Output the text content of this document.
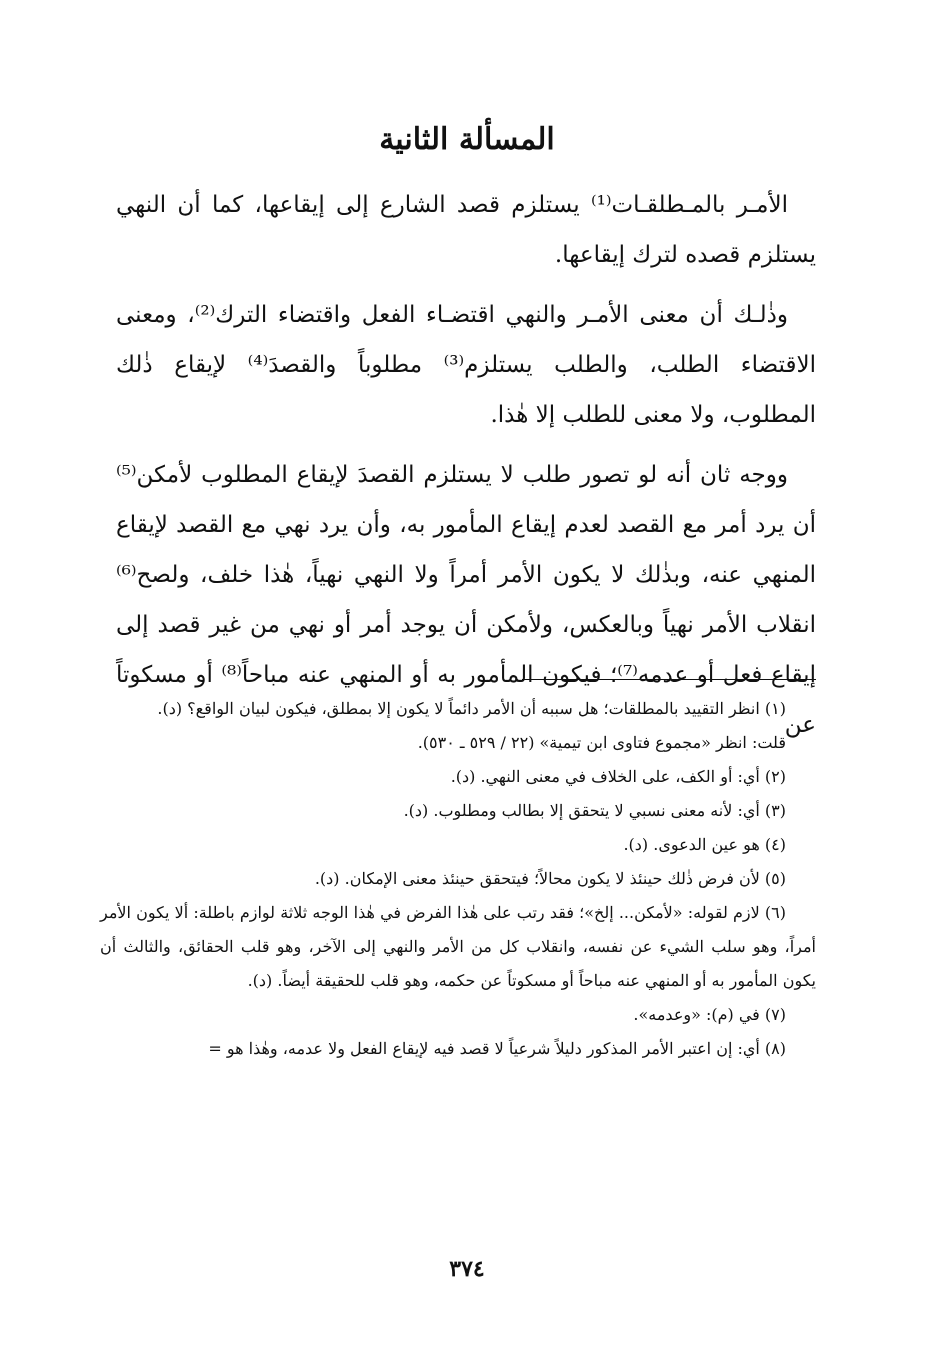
المسألة الثانية

الأمـر بالمـطلقـات⁽¹⁾ يستلزم قصد الشارع إلى إيقاعها، كما أن النهي يستلزم قصده لترك إيقاعها.

وذٰلـك أن معنى الأمـر والنهي اقتضـاء الفعل واقتضاء الترك⁽²⁾، ومعنى الاقتضاء الطلب، والطلب يستلزم⁽³⁾ مطلوباً والقصدَ⁽⁴⁾ لإيقاع ذٰلك المطلوب، ولا معنى للطلب إلا هٰذا.

ووجه ثان أنه لو تصور طلب لا يستلزم القصدَ لإيقاع المطلوب لأمكن⁽⁵⁾ أن يرد أمر مع القصد لعدم إيقاع المأمور به، وأن يرد نهي مع القصد لإيقاع المنهي عنه، وبذٰلك لا يكون الأمر أمراً ولا النهي نهياً، هٰذا خلف، ولصح⁽⁶⁾ انقلاب الأمر نهياً وبالعكس، ولأمكن أن يوجد أمر أو نهي من غير قصد إلى إيقاع فعل أو عدمه⁽⁷⁾؛ فيكون المأمور به أو المنهي عنه مباحاً⁽⁸⁾ أو مسكوتاً عن

(١) انظر التقييد بالمطلقات؛ هل سببه أن الأمر دائماً لا يكون إلا بمطلق، فيكون لبيان الواقع؟ (د).

قلت: انظر «مجموع فتاوى ابن تيمية» (٢٢ / ٥٢٩ ـ ٥٣٠).

(٢) أي: أو الكف، على الخلاف في معنى النهي. (د).

(٣) أي: لأنه معنى نسبي لا يتحقق إلا بطالب ومطلوب. (د).

(٤) هو عين الدعوى. (د).

(٥) لأن فرض ذٰلك حينئذ لا يكون محالاً؛ فيتحقق حينئذ معنى الإمكان. (د).

(٦) لازم لقوله: «لأمكن... إلخ»؛ فقد رتب على هٰذا الفرض في هٰذا الوجه ثلاثة لوازم باطلة: ألا يكون الأمر أمراً، وهو سلب الشيء عن نفسه، وانقلاب كل من الأمر والنهي إلى الآخر، وهو قلب الحقائق، والثالث أن يكون المأمور به أو المنهي عنه مباحاً أو مسكوتاً عن حكمه، وهو قلب للحقيقة أيضاً. (د).

(٧) في (م): «وعدمه».

(٨) أي: إن اعتبر الأمر المذكور دليلاً شرعياً لا قصد فيه لإيقاع الفعل ولا عدمه، وهٰذا هو =

٣٧٤
